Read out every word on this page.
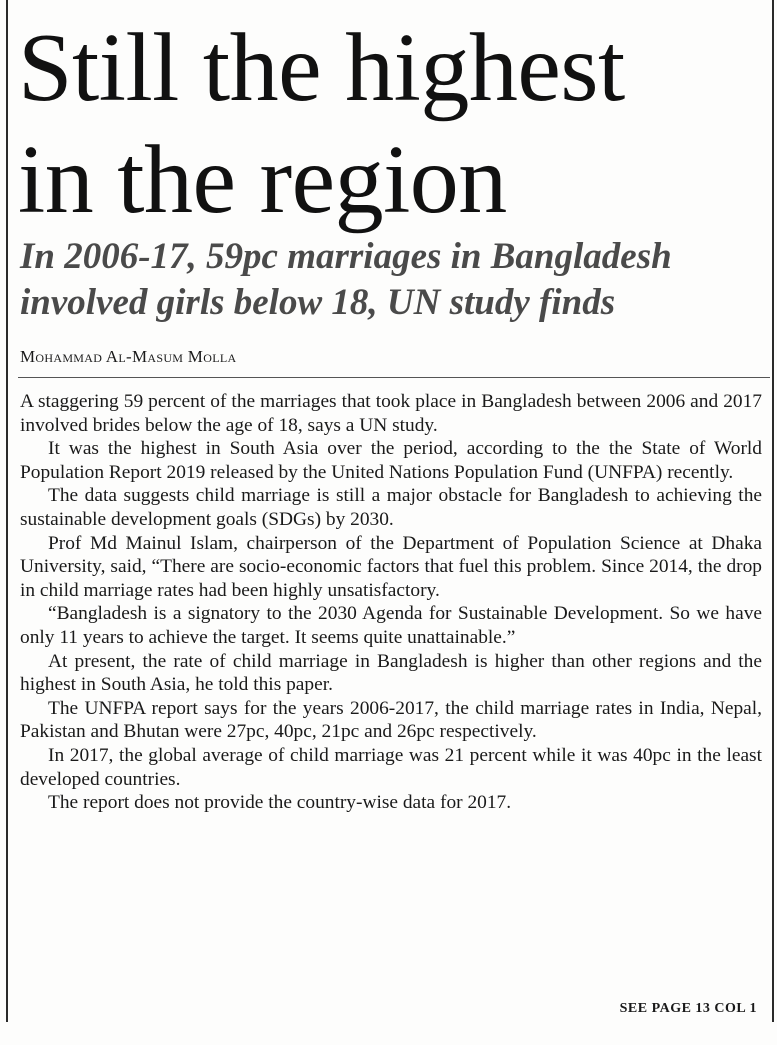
Still the highest
in the region
In 2006-17, 59pc marriages in Bangladesh
involved girls below 18, UN study finds
Mohammad Al-Masum Molla

A staggering 59 percent of the marriages that took place in Bangladesh between 2006 and 2017 involved brides below the age of 18, says a UN study.

It was the highest in South Asia over the period, according to the the State of World Population Report 2019 released by the United Nations Population Fund (UNFPA) recently.

The data suggests child marriage is still a major obstacle for Bangladesh to achieving the sustainable development goals (SDGs) by 2030.

Prof Md Mainul Islam, chairperson of the Department of Population Science at Dhaka University, said, “There are socio-economic factors that fuel this problem. Since 2014, the drop in child marriage rates had been highly unsatisfactory.

“Bangladesh is a signatory to the 2030 Agenda for Sustainable Development. So we have only 11 years to achieve the target. It seems quite unattainable.”

At present, the rate of child marriage in Bangladesh is higher than other regions and the highest in South Asia, he told this paper.

The UNFPA report says for the years 2006-2017, the child marriage rates in India, Nepal, Pakistan and Bhutan were 27pc, 40pc, 21pc and 26pc respectively.

In 2017, the global average of child marriage was 21 percent while it was 40pc in the least developed countries.

The report does not provide the country-wise data for 2017.

SEE PAGE 13 COL 1
